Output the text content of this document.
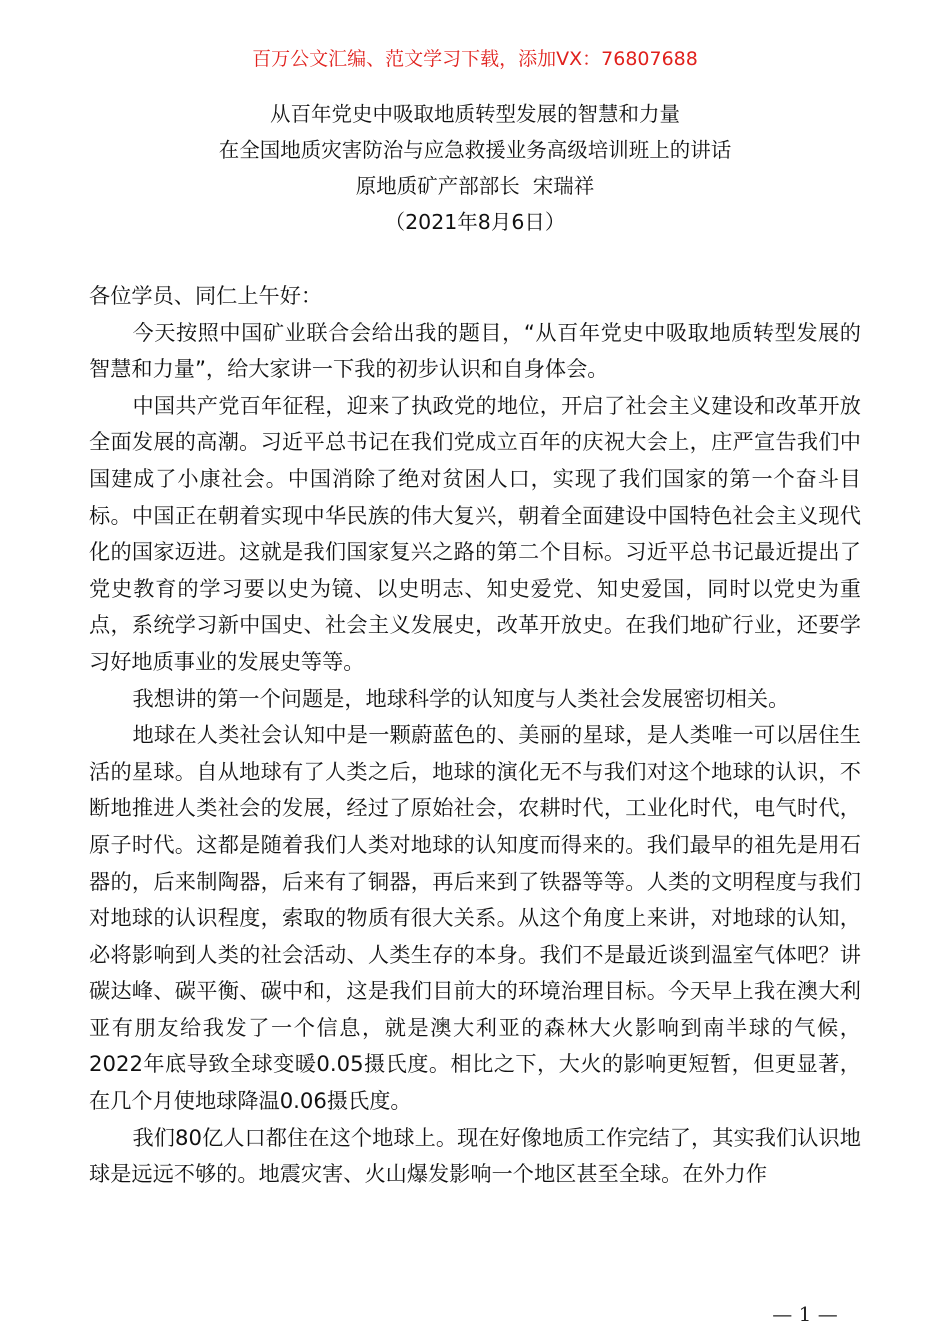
百万公文汇编、范文学习下载，添加VX：76807688
从百年党史中吸取地质转型发展的智慧和力量
在全国地质灾害防治与应急救援业务高级培训班上的讲话
原地质矿产部部长  宋瑞祥
（2021年8月6日）

各位学员、同仁上午好：

今天按照中国矿业联合会给出我的题目，“从百年党史中吸取地质转型发展的智慧和力量”，给大家讲一下我的初步认识和自身体会。

中国共产党百年征程，迎来了执政党的地位，开启了社会主义建设和改革开放全面发展的高潮。习近平总书记在我们党成立百年的庆祝大会上，庄严宣告我们中国建成了小康社会。中国消除了绝对贫困人口，实现了我们国家的第一个奋斗目标。中国正在朝着实现中华民族的伟大复兴，朝着全面建设中国特色社会主义现代化的国家迈进。这就是我们国家复兴之路的第二个目标。习近平总书记最近提出了党史教育的学习要以史为镜、以史明志、知史爱党、知史爱国，同时以党史为重点，系统学习新中国史、社会主义发展史，改革开放史。在我们地矿行业，还要学习好地质事业的发展史等等。

我想讲的第一个问题是，地球科学的认知度与人类社会发展密切相关。

地球在人类社会认知中是一颗蔚蓝色的、美丽的星球，是人类唯一可以居住生活的星球。自从地球有了人类之后，地球的演化无不与我们对这个地球的认识，不断地推进人类社会的发展，经过了原始社会，农耕时代，工业化时代，电气时代，原子时代。这都是随着我们人类对地球的认知度而得来的。我们最早的祖先是用石器的，后来制陶器，后来有了铜器，再后来到了铁器等等。人类的文明程度与我们对地球的认识程度，索取的物质有很大关系。从这个角度上来讲，对地球的认知，必将影响到人类的社会活动、人类生存的本身。我们不是最近谈到温室气体吧？讲碳达峰、碳平衡、碳中和，这是我们目前大的环境治理目标。今天早上我在澳大利亚有朋友给我发了一个信息，就是澳大利亚的森林大火影响到南半球的气候，2022年底导致全球变暖0.05摄氏度。相比之下，大火的影响更短暂，但更显著，在几个月使地球降温0.06摄氏度。

我们80亿人口都住在这个地球上。现在好像地质工作完结了，其实我们认识地球是远远不够的。地震灾害、火山爆发影响一个地区甚至全球。在外力作

— 1 —
